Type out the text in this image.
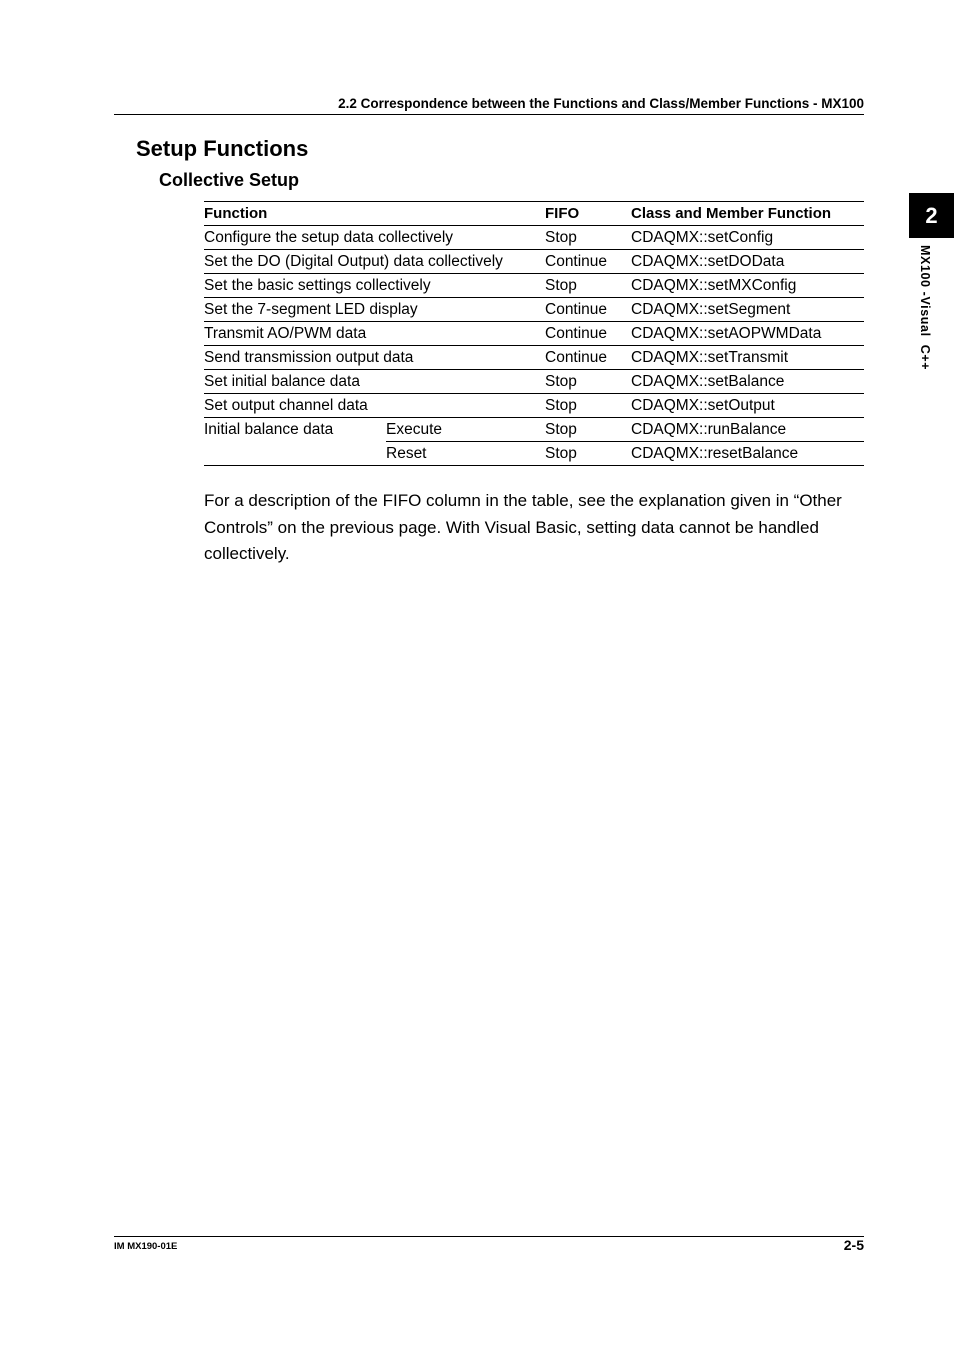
2.2 Correspondence between the Functions and Class/Member Functions - MX100
2
MX100 -Visual  C++
Setup Functions
Collective Setup
Function		FIFO	Class and Member Function
Configure the setup data collectively		Stop	CDAQMX::setConfig
Set the DO (Digital Output) data collectively		Continue	CDAQMX::setDOData
Set the basic settings collectively		Stop	CDAQMX::setMXConfig
Set the 7-segment LED display		Continue	CDAQMX::setSegment
Transmit AO/PWM data		Continue	CDAQMX::setAOPWMData
Send transmission output data		Continue	CDAQMX::setTransmit
Set initial balance data		Stop	CDAQMX::setBalance
Set output channel data		Stop	CDAQMX::setOutput
Initial balance data	Execute	Stop	CDAQMX::runBalance
	Reset	Stop	CDAQMX::resetBalance
For a description of the FIFO column in the table, see the explanation given in “Other Controls” on the previous page. With Visual Basic, setting data cannot be handled collectively.
IM MX190-01E	2-5
